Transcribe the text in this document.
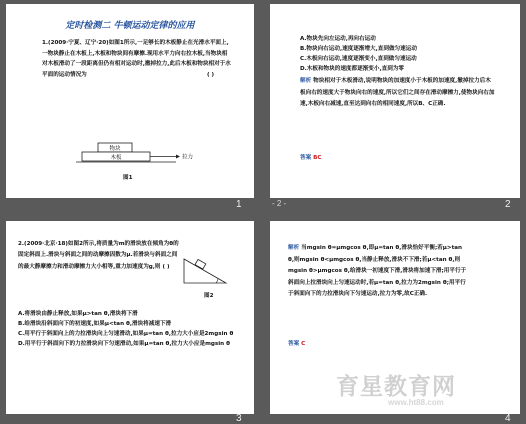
定时检测二 牛顿运动定律的应用
1.(2009·宁夏、辽宁·20)如图1所示,一足够长的木板静止在光滑水平面上,一物块静止在木板上,木板和物块间有摩擦.现用水平力向右拉木板,当物块相对木板滑动了一段距离但仍有相对运动时,撤掉拉力,此后木板和物块相对于水平面的运动情况为	( )
物块
木板	拉力
图1
1
A.物块先向左运动,再向右运动
B.物块向右运动,速度逐渐增大,直到做匀速运动
C.木板向右运动,速度逐渐变小,直到做匀速运动
D.木板和物块的速度都逐渐变小,直到为零
解析 物块相对于木板滑动,说明物块的加速度小于木板的加速度,撤掉拉力后木板向右的速度大于物块向右的速度,所以它们之间存在滑动摩擦力,使物块向右加速,木板向右减速,直至达到向右的相同速度,所以B、C正确.
答案 BC
- 2 -	2
2.(2009·北京·18)如图2所示,将质量为m的滑块放在倾角为θ的固定斜面上.滑块与斜面之间的动摩擦因数为μ.若滑块与斜面之间的最大静摩擦力和滑动摩擦力大小相等,重力加速度为g,则 ( )
图2
A.将滑块由静止释放,如果μ>tan θ,滑块将下滑
B.给滑块沿斜面向下的初速度,如果μ<tan θ,滑块将减速下滑
C.用平行于斜面向上的力拉滑块向上匀速滑动,如果μ=tan θ,拉力大小应是2mgsin θ
D.用平行于斜面向下的力拉滑块向下匀速滑动,如果μ=tan θ,拉力大小应是mgsin θ
3
解析 当mgsin θ=μmgcos θ,即μ=tan θ,滑块恰好平衡;若μ>tan θ,则mgsin θ<μmgcos θ,当静止释放,滑块不下滑;若μ<tan θ,则mgsin θ>μmgcos θ,给滑块一初速度下滑,滑块将加速下滑;用平行于斜面向上拉滑块向上匀速运动时,若μ=tan θ,拉力为2mgsin θ;用平行于斜面向下的力拉滑块向下匀速运动,拉力为零,故C正确.
答案 C
4
育星教育网
www.ht88.com
